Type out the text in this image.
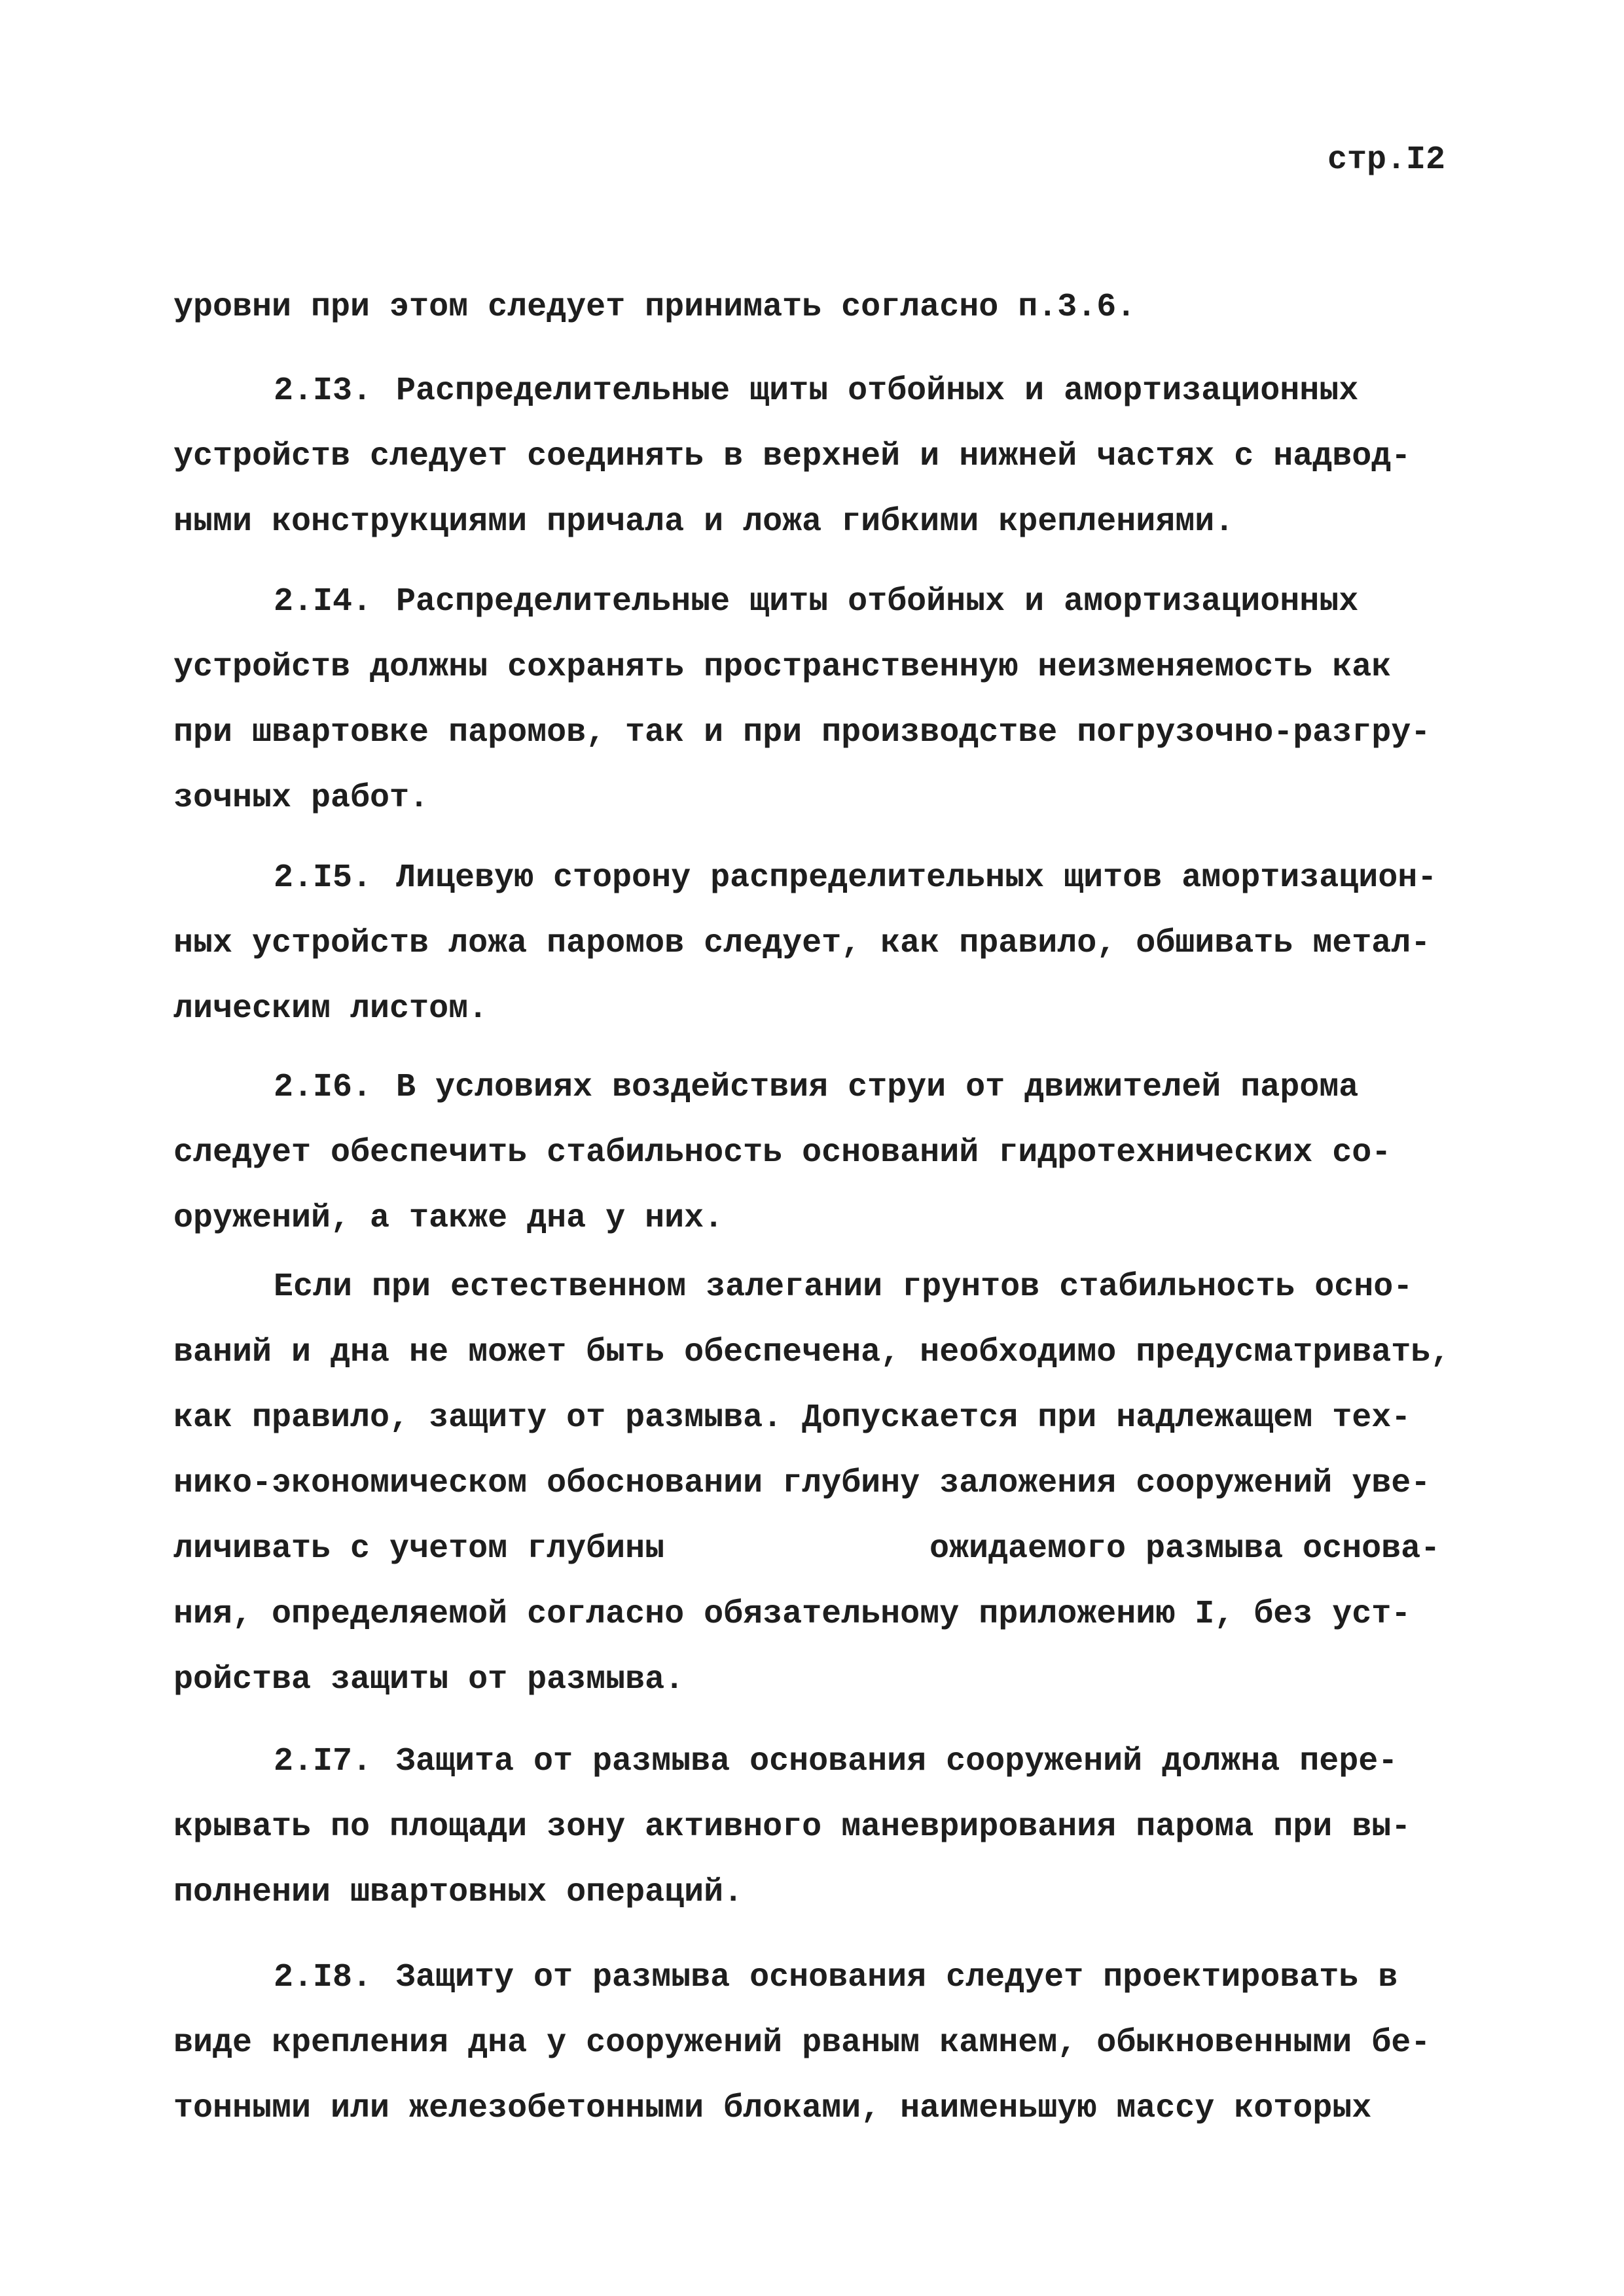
стр.I2
уровни при этом следует принимать согласно п.3.6.
2.I3. Распределительные щиты отбойных и амортизационных
устройств следует соединять в верхней и нижней частях с надвод-
ными конструкциями причала и ложа гибкими креплениями.
2.I4. Распределительные щиты отбойных и амортизационных
устройств должны сохранять пространственную неизменяемость как
при швартовке паромов, так и при производстве погрузочно-разгру-
зочных работ.
2.I5. Лицевую сторону распределительных щитов амортизацион-
ных устройств ложа паромов следует, как правило, обшивать метал-
лическим листом.
2.I6. В условиях воздействия струи от движителей парома
следует обеспечить стабильность оснований гидротехнических со-
оружений, а также дна у них.
Если при естественном залегании грунтов стабильность осно-
ваний и дна не может быть обеспечена, необходимо предусматривать,
как правило, защиту от размыва. Допускается при надлежащем тех-
нико-экономическом обосновании глубину заложения сооружений уве-
личивать с учетом глубины	ожидаемого размыва основа-
ния, определяемой согласно обязательному приложению I, без уст-
ройства защиты от размыва.
2.I7. Защита от размыва основания сооружений должна пере-
крывать по площади зону активного маневрирования парома при вы-
полнении швартовных операций.
2.I8. Защиту от размыва основания следует проектировать в
виде крепления дна у сооружений рваным камнем, обыкновенными бе-
тонными или железобетонными блоками, наименьшую массу которых
